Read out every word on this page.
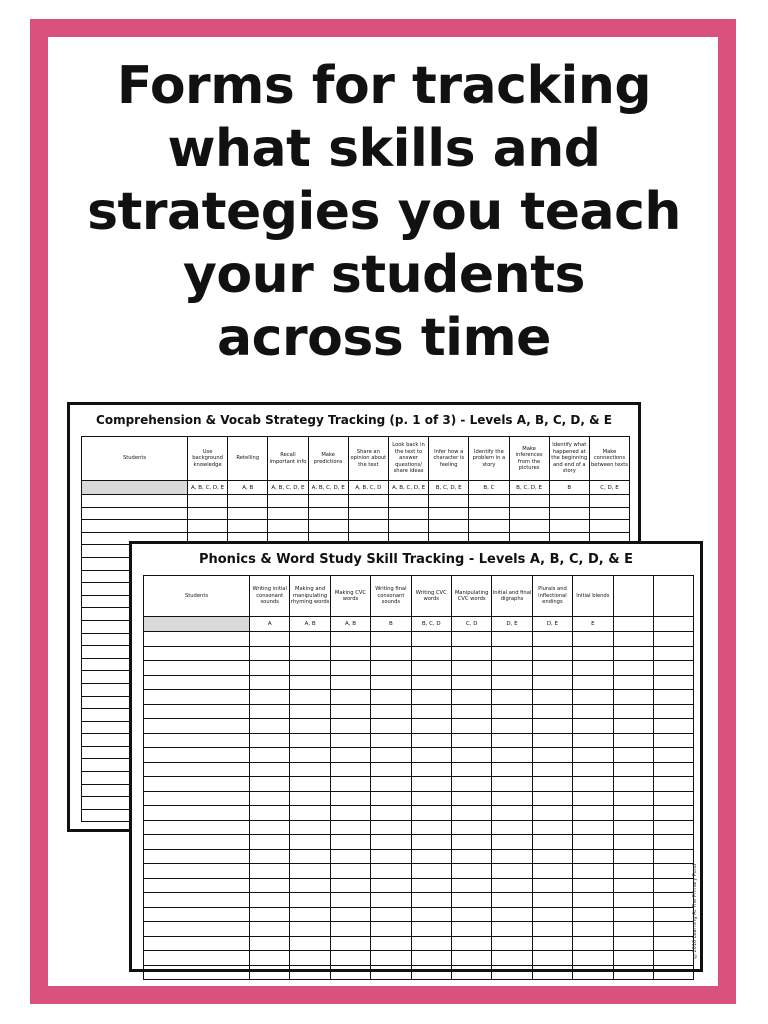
Forms for tracking
what skills and
strategies you teach
your students
across time
Comprehension & Vocab Strategy Tracking (p. 1 of 3) - Levels A, B, C, D, & E
Students	Use background knowledge	Retelling	Recall important info	Make predictions	Share an opinion about the text	Look back in the text to answer questions/ share ideas	Infer how a character is feeling	Identify the problem in a story	Make inferences from the pictures	Identify what happened at the beginning and end of a story	Make connections between texts
	A, B, C, D, E	A, B	A, B, C, D, E	A, B, C, D, E	A, B, C, D	A, B, C, D, E	B, C, D, E	B, C	B, C, D, E	B	C, D, E

Phonics & Word Study Skill Tracking - Levels A, B, C, D, & E
Students	Writing initial consonant sounds	Making and manipulating rhyming words	Making CVC words	Writing final consonant sounds	Writing CVC words	Manipulating CVC words	Initial and final digraphs	Plurals and inflectional endings	Initial blends		
	A	A, B	A, B	B	B, C, D	C, D	D, E	D, E	E		

©2016 Learning At The Primary Pond
